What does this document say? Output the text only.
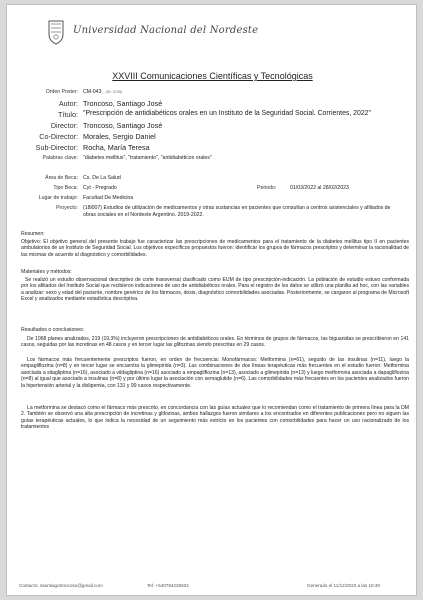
Universidad Nacional del Nordeste
XXVIII Comunicaciones Científicas y Tecnológicas
Orden Poster: CM-043 (ID: 3726)
Autor: Troncoso, Santiago José
Título: "Prescripción de antidiabéticos orales en un Instituto de la Seguridad Social. Corrientes, 2022"
Director: Troncoso, Santiago José
Co-Director: Morales, Sergio Daniel
Sub-Director: Rocha, María Teresa
Palabras clave: "diabetes mellitus", "tratamiento", "antidiabéticos orales"
Área de Beca: Cs. De La Salud
Tipo Beca: Cyt - Pregrado	Periodo:	01/03/2022 al 28/02/2023
Lugar de trabajo: Facultad De Medicina
Proyecto: (18i007) Estudios de utilización de medicamentos y otras sustancias en pacientes que consultan a centros asistenciales y afiliados de obras sociales en el Nordeste Argentino. 2019-2022.
Resumen:
Objetivo: El objetivo general del presente trabajo fue caracterizar las prescripciones de medicamentos para el tratamiento de la diabetes mellitus tipo II en pacientes ambulatorios de un Instituto de Seguridad Social. Los objetivos específicos propuestos fueron: identificar los grupos de fármacos prescriptos y determinar la racionalidad de las mismas de acuerdo al diagnóstico y comorbilidades.
Materiales y métodos:
Se realizó un estudio observacional descriptivo de corte transversal clasificado como EUM de tipo prescripción-indicación. La población de estudio estuvo conformada por los afiliados del Instituto Social que recibieron indicaciones de uso de antidiabéticos orales. Para el registro de los datos se utilizó una planilla ad hoc, con las variables a analizar: sexo y edad del paciente, nombre genérico de los fármacos, dosis, diagnóstico comorbilidades asociadas. Posteriormente, se cargaron al programa de Microsoft Excel y analizados mediante estadística descriptiva.
Resultados o conclusiones:
De 1068 planes analizados, 219 (19,3%) incluyeron prescripciones de antidiabéticos orales. En términos de grupos de fármacos, las biguanidas se prescribieron en 141 casos, seguidas por las incretinas en 48 casos y en tercer lugar las glifozinas siendo prescritas en 29 casos.
Los fármacos más frecuentemente prescriptos fueron, en orden de frecuencia: Monofármacos: Metformina (n=61), seguido de las insulinas (n=11), luego la empagliflozina (n=8) y en tercer lugar se encuentra la glimepirida (n=3). Las combinaciones de dos líneas terapéuticas más frecuentes en el estudio fueron: Metformina asociada a sitagliptina (n=16), asociado a vildagliptina (n=16) asociado a empagliflozina (n=13), asociado a glimepirida (n=13) y luego metformina asociada a dapagliflozina (n=8) al igual que asociado a insulinas (n=8) y por último lugar la asociación con semaglutide (n=6). Las comorbilidades más frecuentes en los pacientes analizados fueron la hipertensión arterial y la dislipemia, con 131 y 99 casos respectivamente.
La metformina se destacó como el fármaco más prescrito, en concordancia con las guías actuales que lo recomiendan como el tratamiento de primera línea para la DM 2. También se observó una alta prescripción de incretinas y glifozinas, ambos hallazgos fueron similares a los encontrados en diferentes publicaciones pero no siguen las guías terapéuticas actuales, lo que indica la necesidad de un seguimiento más estricto en los pacientes con comorbilidades para hacer un uso racionalizado de los tratamientos
Contacto: ssantiagotroncoso@gmail.com	Tel: +540794225634	Generado el 11/12/2023 a las 10:49
